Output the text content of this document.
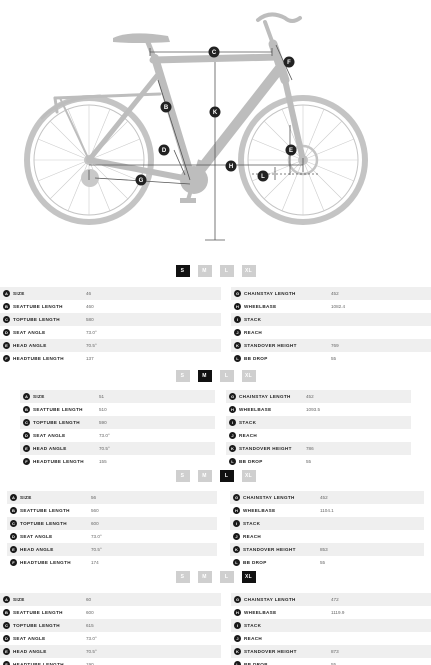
C
F
B
K
D	E
H
G
L
S	M	L	XL
A	SIZE	46
B	SEATTUBE LENGTH	460
C	TOPTUBE LENGTH	580
D	SEAT ANGLE	73.0°
E	HEAD ANGLE	70.5°
F	HEADTUBE LENGTH	137
G	CHAINSTAY LENGTH	452
H	WHEELBASE	1082.4
I	STACK
J	REACH
K	STANDOVER HEIGHT	769
L	BB DROP	55
S	M	L	XL
A	SIZE	51
B	SEATTUBE LENGTH	510
C	TOPTUBE LENGTH	590
D	SEAT ANGLE	73.0°
E	HEAD ANGLE	70.5°
F	HEADTUBE LENGTH	155
G	CHAINSTAY LENGTH	452
H	WHEELBASE	1093.5
I	STACK
J	REACH
K	STANDOVER HEIGHT	786
L	BB DROP	55
S	M	L	XL
A	SIZE	56
B	SEATTUBE LENGTH	560
C	TOPTUBE LENGTH	600
D	SEAT ANGLE	73.0°
E	HEAD ANGLE	70.5°
F	HEADTUBE LENGTH	174
G	CHAINSTAY LENGTH	452
H	WHEELBASE	1104.1
I	STACK
J	REACH
K	STANDOVER HEIGHT	853
L	BB DROP	55
S	M	L	XL
A	SIZE	60
B	SEATTUBE LENGTH	600
C	TOPTUBE LENGTH	615
D	SEAT ANGLE	73.0°
E	HEAD ANGLE	70.5°
F	HEADTUBE LENGTH	190
G	CHAINSTAY LENGTH	472
H	WHEELBASE	1119.9
I	STACK
J	REACH
K	STANDOVER HEIGHT	873
L	BB DROP	55
